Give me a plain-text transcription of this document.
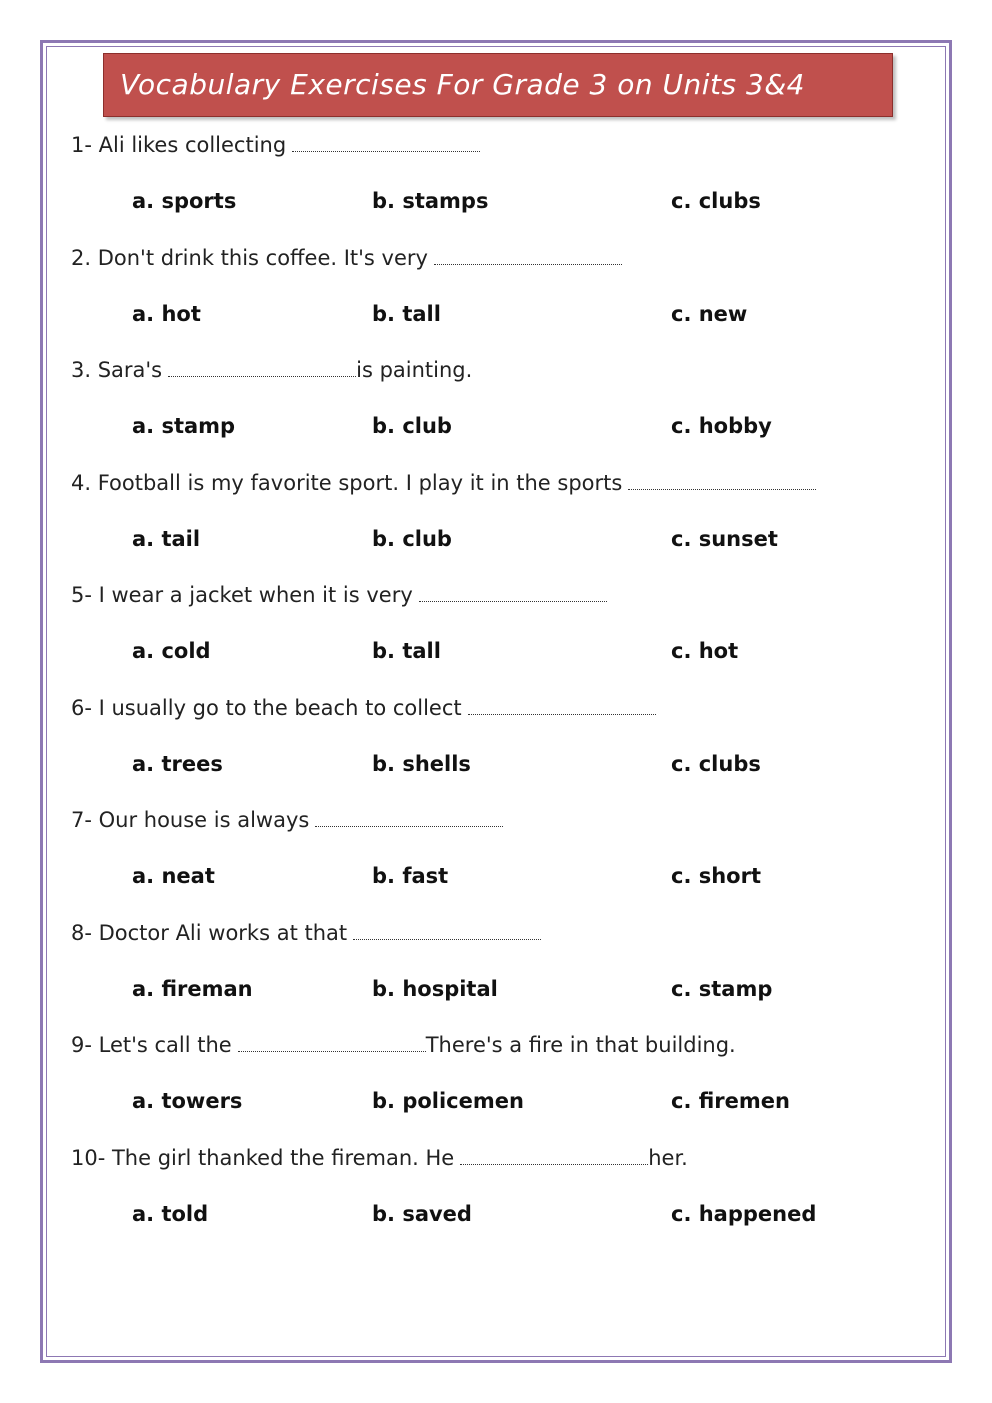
Vocabulary Exercises For Grade 3 on Units 3&4
1- Ali likes collecting
a. sports	b. stamps	c. clubs
2. Don't drink this coffee. It's very
a. hot	b. tall	c. new
3. Sara's	is painting.
a. stamp	b. club	c. hobby
4. Football is my favorite sport. I play it in the sports
a. tail	b. club	c. sunset
5- I wear a jacket when it is very
a. cold	b. tall	c. hot
6- I usually go to the beach to collect
a. trees	b. shells	c. clubs
7- Our house is always
a. neat	b. fast	c. short
8- Doctor Ali works at that
a. fireman	b. hospital	c. stamp
9- Let's call the	There's a fire in that building.
a. towers	b. policemen	c. firemen
10- The girl thanked the fireman. He	her.
a. told	b. saved	c. happened
